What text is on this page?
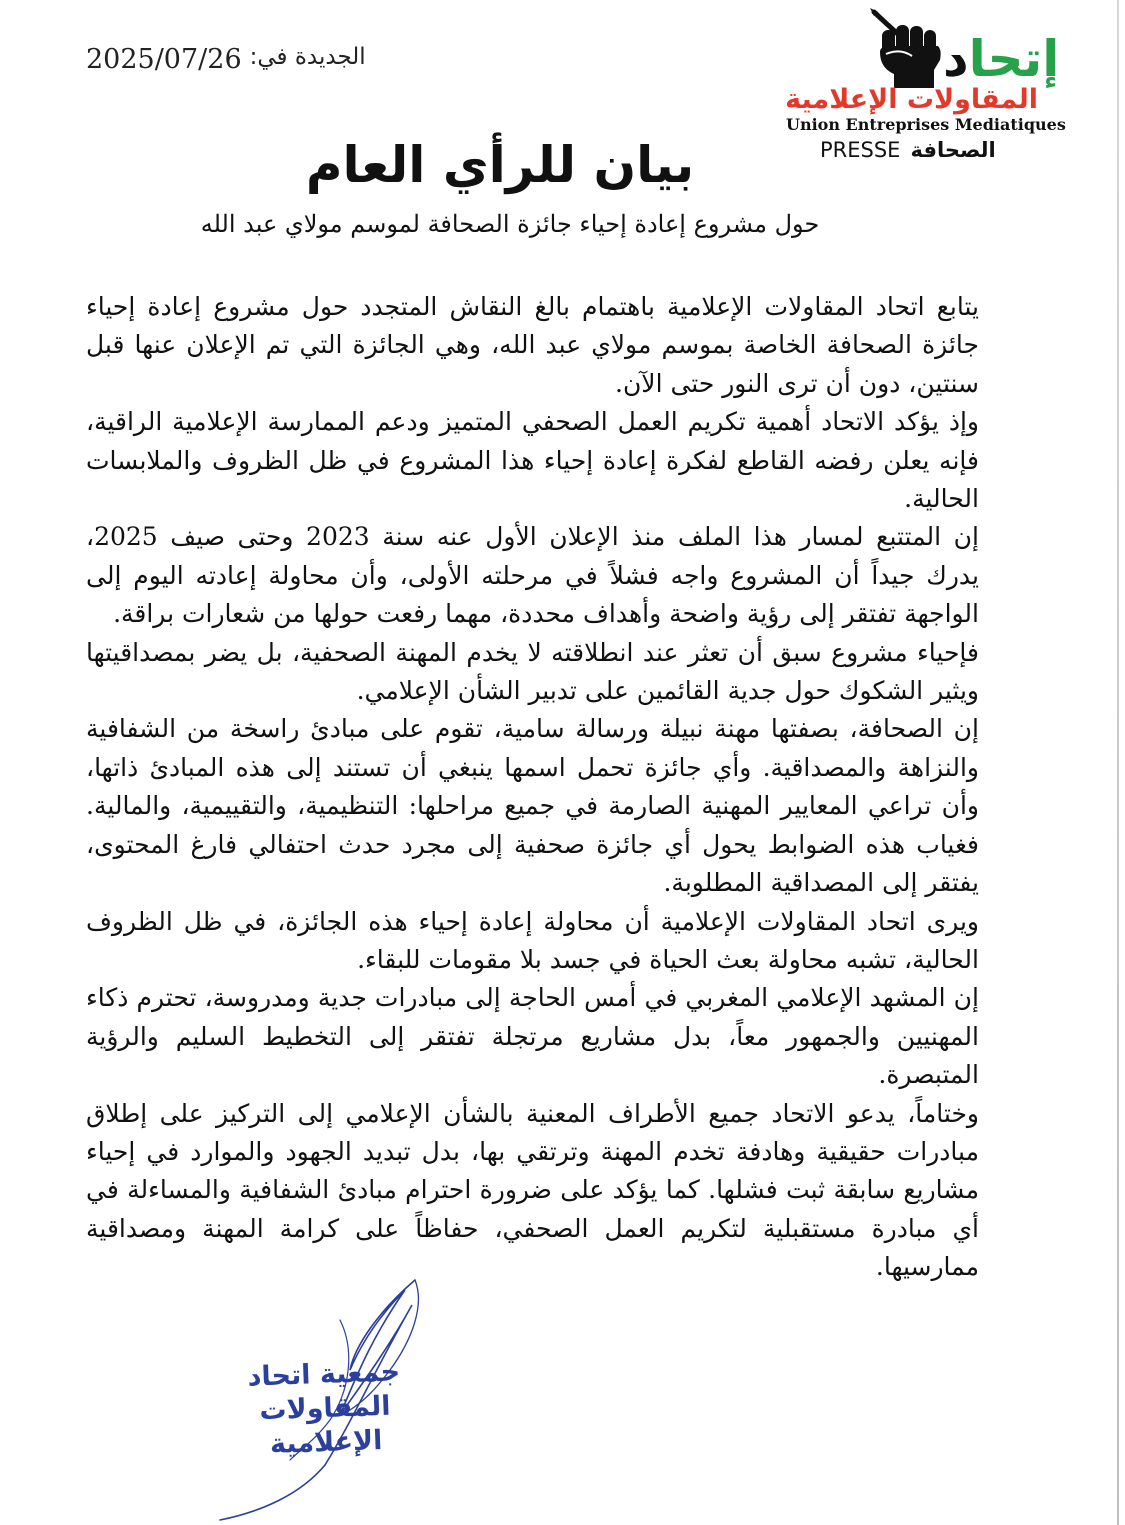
الجديدة في:
2025/07/26	إتحاد
المقاولات الإعلامية
Union Entreprises Mediatiques
PRESSE الصحافة
بيان للرأي العام
حول مشروع إعادة إحياء جائزة الصحافة لموسم مولاي عبد الله

يتابع اتحاد المقاولات الإعلامية باهتمام بالغ النقاش المتجدد حول مشروع إعادة إحياء جائزة الصحافة الخاصة بموسم مولاي عبد الله، وهي الجائزة التي تم الإعلان عنها قبل سنتين، دون أن ترى النور حتى الآن.

وإذ يؤكد الاتحاد أهمية تكريم العمل الصحفي المتميز ودعم الممارسة الإعلامية الراقية، فإنه يعلن رفضه القاطع لفكرة إعادة إحياء هذا المشروع في ظل الظروف والملابسات الحالية.

إن المتتبع لمسار هذا الملف منذ الإعلان الأول عنه سنة 2023 وحتى صيف 2025، يدرك جيداً أن المشروع واجه فشلاً في مرحلته الأولى، وأن محاولة إعادته اليوم إلى الواجهة تفتقر إلى رؤية واضحة وأهداف محددة، مهما رفعت حولها من شعارات براقة.

فإحياء مشروع سبق أن تعثر عند انطلاقته لا يخدم المهنة الصحفية، بل يضر بمصداقيتها ويثير الشكوك حول جدية القائمين على تدبير الشأن الإعلامي.

إن الصحافة، بصفتها مهنة نبيلة ورسالة سامية، تقوم على مبادئ راسخة من الشفافية والنزاهة والمصداقية. وأي جائزة تحمل اسمها ينبغي أن تستند إلى هذه المبادئ ذاتها، وأن تراعي المعايير المهنية الصارمة في جميع مراحلها: التنظيمية، والتقييمية، والمالية. فغياب هذه الضوابط يحول أي جائزة صحفية إلى مجرد حدث احتفالي فارغ المحتوى، يفتقر إلى المصداقية المطلوبة.

ويرى اتحاد المقاولات الإعلامية أن محاولة إعادة إحياء هذه الجائزة، في ظل الظروف الحالية، تشبه محاولة بعث الحياة في جسد بلا مقومات للبقاء.

إن المشهد الإعلامي المغربي في أمس الحاجة إلى مبادرات جدية ومدروسة، تحترم ذكاء المهنيين والجمهور معاً، بدل مشاريع مرتجلة تفتقر إلى التخطيط السليم والرؤية المتبصرة.

وختاماً، يدعو الاتحاد جميع الأطراف المعنية بالشأن الإعلامي إلى التركيز على إطلاق مبادرات حقيقية وهادفة تخدم المهنة وترتقي بها، بدل تبديد الجهود والموارد في إحياء مشاريع سابقة ثبت فشلها. كما يؤكد على ضرورة احترام مبادئ الشفافية والمساءلة في أي مبادرة مستقبلية لتكريم العمل الصحفي، حفاظاً على كرامة المهنة ومصداقية ممارسيها.

جمعية اتحاد المقاولات
الإعلامية
